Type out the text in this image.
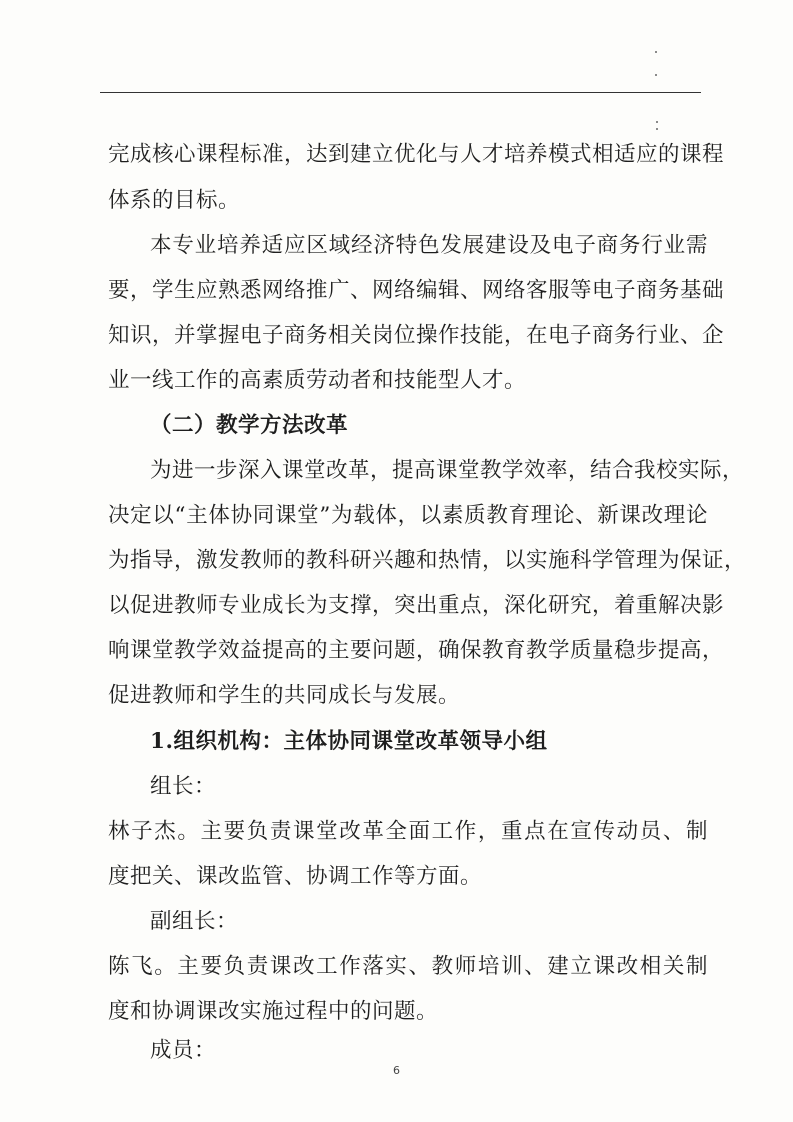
完成核心课程标准，达到建立优化与人才培养模式相适应的课程
体系的目标。
本专业培养适应区域经济特色发展建设及电子商务行业需
要，学生应熟悉网络推广、网络编辑、网络客服等电子商务基础
知识，并掌握电子商务相关岗位操作技能，在电子商务行业、企
业一线工作的高素质劳动者和技能型人才。
（二）教学方法改革
为进一步深入课堂改革，提高课堂教学效率，结合我校实际，
决定以“主体协同课堂”为载体，以素质教育理论、新课改理论
为指导，激发教师的教科研兴趣和热情，以实施科学管理为保证，
以促进教师专业成长为支撑，突出重点，深化研究，着重解决影
响课堂教学效益提高的主要问题，确保教育教学质量稳步提高，
促进教师和学生的共同成长与发展。
1.组织机构：主体协同课堂改革领导小组
组长：
林子杰。主要负责课堂改革全面工作，重点在宣传动员、制
度把关、课改监管、协调工作等方面。
副组长：
陈飞。主要负责课改工作落实、教师培训、建立课改相关制
度和协调课改实施过程中的问题。
成员：
6
